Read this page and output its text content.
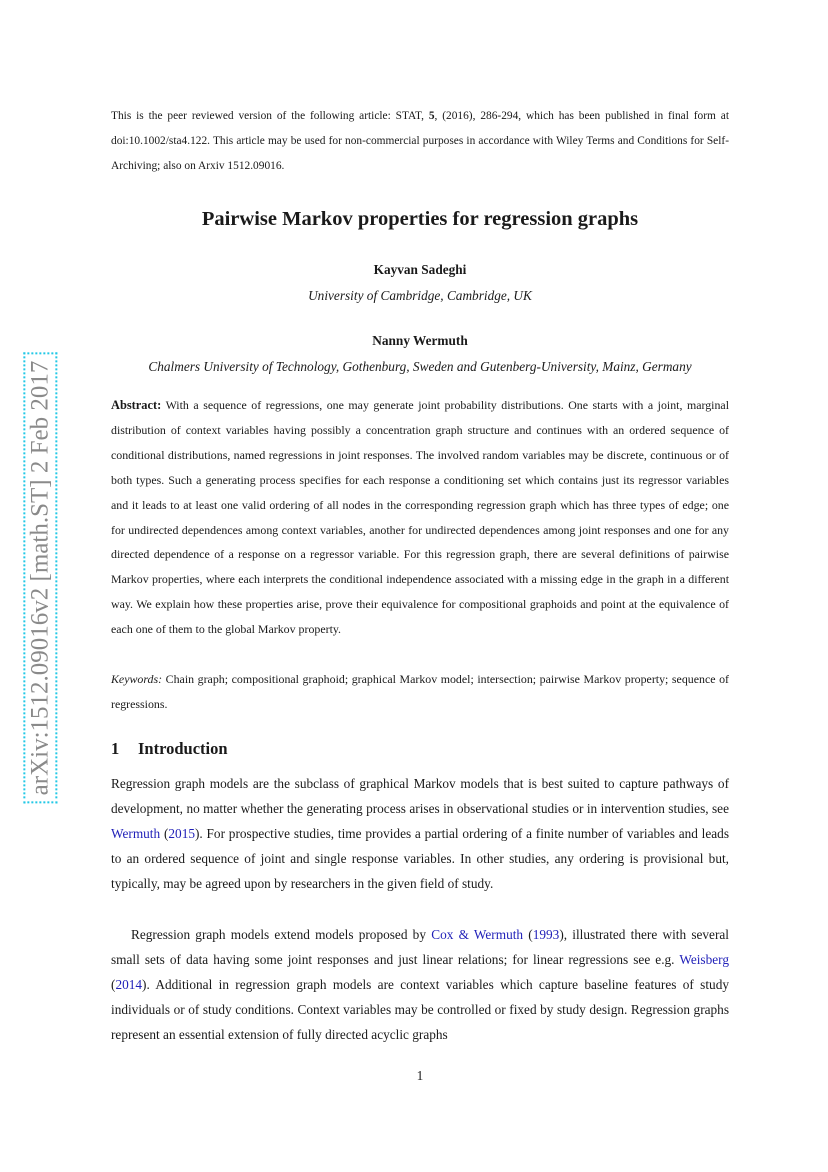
arXiv:1512.09016v2 [math.ST] 2 Feb 2017
This is the peer reviewed version of the following article: STAT, 5, (2016), 286-294, which has been published in final form at doi:10.1002/sta4.122. This article may be used for non-commercial purposes in accordance with Wiley Terms and Conditions for Self-Archiving; also on Arxiv 1512.09016.
Pairwise Markov properties for regression graphs
Kayvan Sadeghi
University of Cambridge, Cambridge, UK
Nanny Wermuth
Chalmers University of Technology, Gothenburg, Sweden and Gutenberg-University, Mainz, Germany
Abstract: With a sequence of regressions, one may generate joint probability distributions. One starts with a joint, marginal distribution of context variables having possibly a concentration graph structure and continues with an ordered sequence of conditional distributions, named regressions in joint responses. The involved random variables may be discrete, continuous or of both types. Such a generating process specifies for each response a conditioning set which contains just its regressor variables and it leads to at least one valid ordering of all nodes in the corresponding regression graph which has three types of edge; one for undirected dependences among context variables, another for undirected dependences among joint responses and one for any directed dependence of a response on a regressor variable. For this regression graph, there are several definitions of pairwise Markov properties, where each interprets the conditional independence associated with a missing edge in the graph in a different way. We explain how these properties arise, prove their equivalence for compositional graphoids and point at the equivalence of each one of them to the global Markov property.
Keywords: Chain graph; compositional graphoid; graphical Markov model; intersection; pairwise Markov property; sequence of regressions.
1 Introduction

Regression graph models are the subclass of graphical Markov models that is best suited to capture pathways of development, no matter whether the generating process arises in observational studies or in intervention studies, see Wermuth (2015). For prospective studies, time provides a partial ordering of a finite number of variables and leads to an ordered sequence of joint and single response variables. In other studies, any ordering is provisional but, typically, may be agreed upon by researchers in the given field of study.

Regression graph models extend models proposed by Cox & Wermuth (1993), illustrated there with several small sets of data having some joint responses and just linear relations; for linear regressions see e.g. Weisberg (2014). Additional in regression graph models are context variables which capture baseline features of study individuals or of study conditions. Context variables may be controlled or fixed by study design. Regression graphs represent an essential extension of fully directed acyclic graphs

1
